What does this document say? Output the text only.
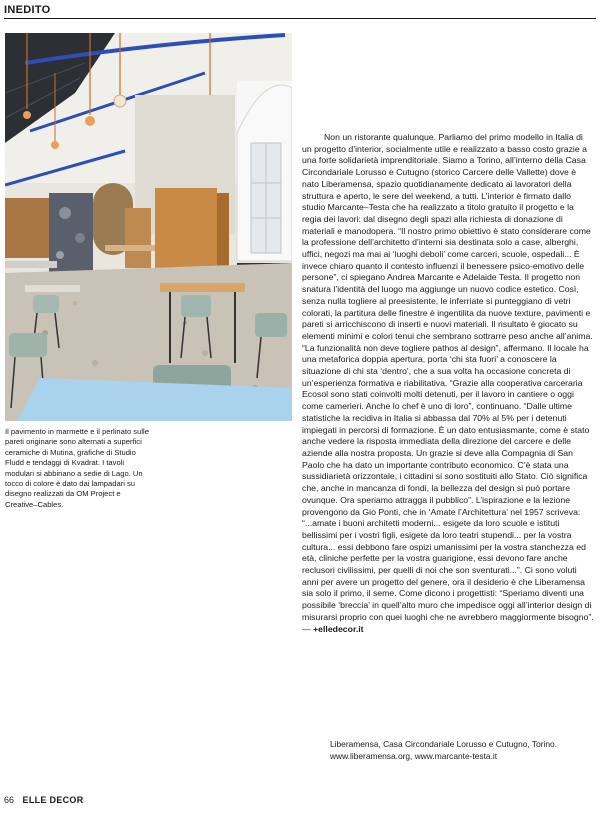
INEDITO

Il pavimento in marmette e il perlinato sulle pareti originarie sono alternati a superfici ceramiche di Mutina, grafiche di Studio Fludd e tendaggi di Kvadrat. I tavoli modulari si abbinano a sedie di Lago. Un tocco di colore è dato dai lampadari su disegno realizzati da OM Project e Creative–Cables.

Non un ristorante qualunque. Parliamo del primo modello in Italia di un progetto d’interior, socialmente utile e realizzato a basso costo grazie a una forte solidarietà imprenditoriale. Siamo a Torino, all’interno della Casa Circondariale Lorusso e Cutugno (storico Carcere delle Vallette) dove è nato Liberamensa, spazio quotidianamente dedicato ai lavoratori della struttura e aperto, le sere del weekend, a tutti. L’interior è firmato dallo studio Marcante–Testa che ha realizzato a titolo gratuito il progetto e la regia dei lavori: dal disegno degli spazi alla richiesta di donazione di materiali e manodopera. “Il nostro primo obiettivo è stato considerare come la professione dell’architetto d’interni sia destinata solo a case, alberghi, uffici, negozi ma mai ai ‘luoghi deboli’ come carceri, scuole, ospedali... È invece chiaro quanto il contesto influenzi il benessere psico-emotivo delle persone”, ci spiegano Andrea Marcante e Adelaide Testa. Il progetto non snatura l’identità del luogo ma aggiunge un nuovo codice estetico. Così, senza nulla togliere al preesistente, le inferriate si punteggiano di vetri colorati, la partitura delle finestre è ingentilita da nuove texture, pavimenti e pareti si arricchiscono di inserti e nuovi materiali. Il risultato è giocato su elementi minimi e colori tenui che sembrano sottrarre peso anche all’anima. “La funzionalità non deve togliere pathos al design”, affermano. Il locale ha una metaforica doppia apertura, porta ‘chi sta fuori’ a conoscere la situazione di chi sta ‘dentro’, che a sua volta ha occasione concreta di un’esperienza formativa e riabilitativa. “Grazie alla cooperativa carceraria Ecosol sono stati coinvolti molti detenuti, per il lavoro in cantiere o oggi come camerieri. Anche lo chef è uno di loro”, continuano. “Dalle ultime statistiche la recidiva in Italia si abbassa dal 70% al 5% per i detenuti impiegati in percorsi di formazione. È un dato entusiasmante, come è stato anche vedere la risposta immediata della direzione del carcere e delle aziende alla nostra proposta. Un grazie si deve alla Compagnia di San Paolo che ha dato un importante contributo economico. C’è stata una sussidiarietà orizzontale, i cittadini si sono sostituiti allo Stato. Ciò significa che, anche in mancanza di fondi, la bellezza del design si può portare ovunque. Ora speriamo attragga il pubblico”. L’ispirazione e la lezione provengono da Gio Ponti, che in ‘Amate l’Architettura’ nel 1957 scriveva: “...amate i buoni architetti moderni... esigete da loro scuole e istituti bellissimi per i vostri figli, esigete da loro teatri stupendi... per la vostra cultura... essi debbono fare ospizi umanissimi per la vostra stanchezza ed età, cliniche perfette per la vostra guarigione, essi devono fare anche reclusori civilissimi, per quelli di noi che son sventurati...”. Ci sono voluti anni per avere un progetto del genere, ora il desiderio è che Liberamensa sia solo il primo, il seme. Come dicono i progettisti: “Speriamo diventi una possibile ‘breccia’ in quell’alto muro che impedisce oggi all’interior design di misurarsi proprio con quei luoghi che ne avrebbero maggiormente bisogno”. — +elledecor.it

Liberamensa, Casa Circondariale Lorusso e Cutugno, Torino. www.liberamensa.org, www.marcante-testa.it

66 ELLE DECOR
